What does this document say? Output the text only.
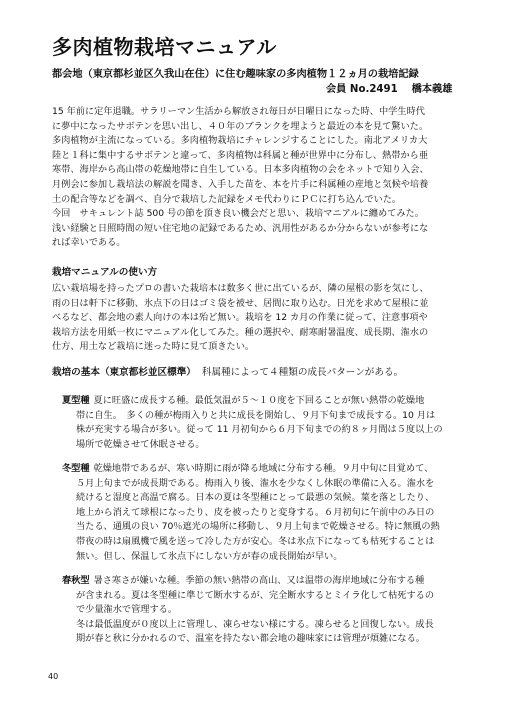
多肉植物栽培マニュアル
都会地（東京都杉並区久我山在住）に住む趣味家の多肉植物１２ヵ月の栽培記録
会員 No.2491 橋本義雄
15 年前に定年退職。サラリーマン生活から解放され毎日が日曜日になった時、中学生時代
に夢中になったサボテンを思い出し、４０年のブランクを埋ようと最近の本を見て驚いた。
多肉植物が主流になっている。多肉植物栽培にチャレンジすることにした。南北アメリカ大
陸と１科に集中するサボテンと違って、多肉植物は科属と種が世界中に分布し、熱帯から亜
寒帯、海岸から高山帯の乾燥地帯に自生している。日本多肉植物の会をネットで知り入会、
月例会に参加し栽培法の解説を聞き、入手した苗を、本を片手に科属種の産地と気候や培養
土の配合等などを調べ、自分で栽培した記録をメモ代わりにＰＣに打ち込んでいた。
今回　サキュレント誌 500 号の節を頂き良い機会だと思い、栽培マニアルに纏めてみた。
浅い経験と日照時間の短い住宅地の記録であるため、汎用性があるか分からないが参考にな
れば幸いである。
栽培マニュアルの使い方
広い栽培場を持ったプロの書いた栽培本は数多く世に出ているが、隣の屋根の影を気にし、
雨の日は軒下に移動、氷点下の日はゴミ袋を被せ、居間に取り込む。日光を求めて屋根に並
べるなど、都会地の素人向けの本は殆ど無い。栽培を 12 カ月の作業に従って、注意事項や
栽培方法を用紙一枚にマニュアル化してみた。種の選択や、耐寒耐暑温度、成長期、潅水の
仕方、用土など栽培に迷った時に見て頂きたい。
栽培の基本（東京都杉並区標準） 科属種によって４種類の成長パターンがある。
夏型種 夏に旺盛に成長する種。最低気温が５～１０度を下回ることが無い熱帯の乾燥地
帯に自生。　多くの種が梅雨入りと共に成長を開始し、９月下旬まで成長する。10 月は
株が充実する場合が多い。従って 11 月初旬から６月下旬までの約８ヶ月間は５度以上の
場所で乾燥させて休眠させる。
冬型種 乾燥地帯であるが、寒い時期に雨が降る地域に分布する種。９月中旬に目覚めて、
５月上旬までが成長期である。梅雨入り後、潅水を少なくし休眠の準備に入る。潅水を
続けると湿度と高温で腐る。日本の夏は冬型種にとって最悪の気候。葉を落としたり、
地上から消えて球根になったり、皮を被ったりと変身する。６月初旬に午前中のみ日の
当たる、通風の良い 70％遮光の場所に移動し、９月上旬まで乾燥させる。特に無風の熱
帯夜の時は扇風機で風を送って冷した方が安心。冬は氷点下になっても枯死することは
無い。但し、保温して氷点下にしない方が春の成長開始が早い。
春秋型 暑さ寒さが嫌いな種。季節の無い熱帯の高山、又は温帯の海岸地域に分布する種
が含まれる。夏は冬型種に準じて断水するが、完全断水するとミイラ化して枯死するの
で少量潅水で管理する。
冬は最低温度が０度以上に管理し、凍らせない様にする。凍らせると回復しない。成長
期が春と秋に分かれるので、温室を持たない都会地の趣味家には管理が煩雑になる。
40
